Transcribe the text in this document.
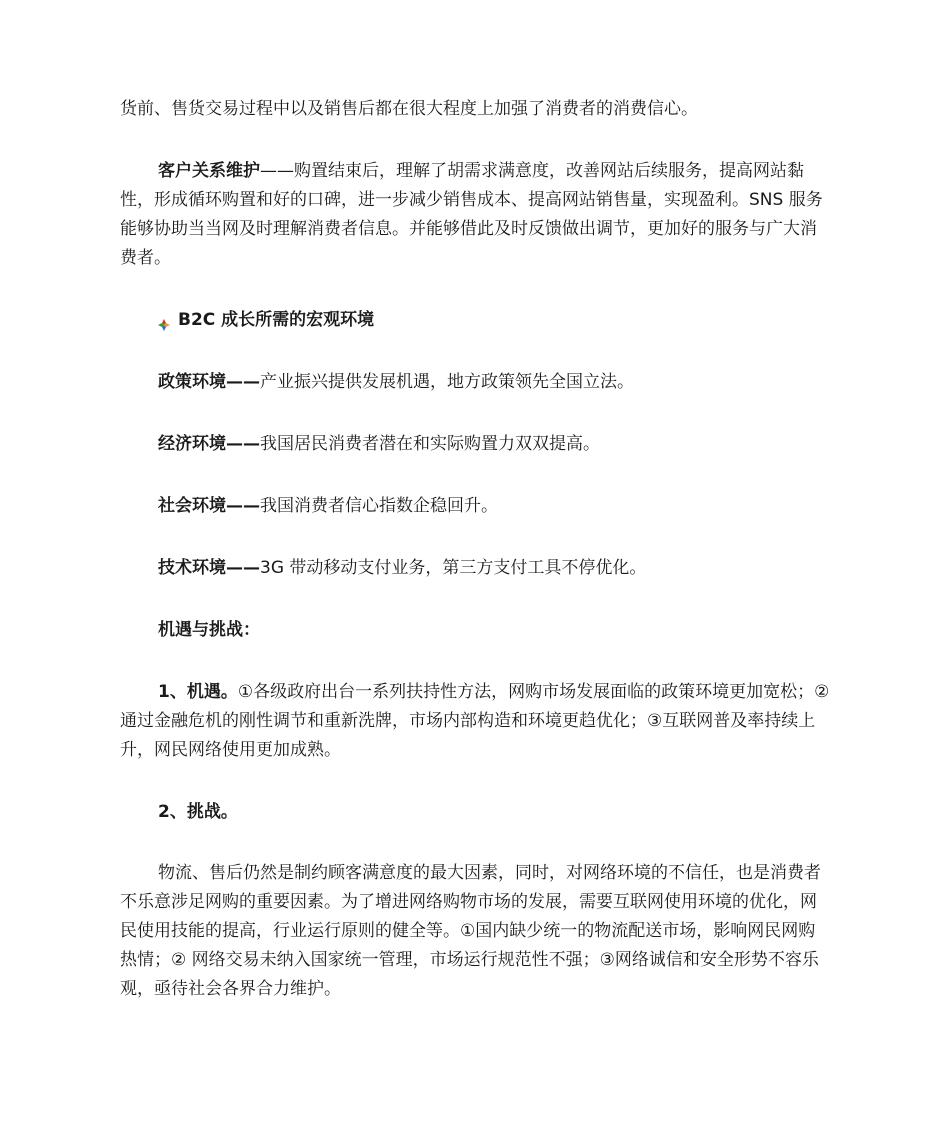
货前、售货交易过程中以及销售后都在很大程度上加强了消费者的消费信心。

客户关系维护——购置结束后，理解了胡需求满意度，改善网站后续服务，提高网站黏性，形成循环购置和好的口碑，进一步减少销售成本、提高网站销售量，实现盈利。SNS 服务能够协助当当网及时理解消费者信息。并能够借此及时反馈做出调节，更加好的服务与广大消费者。

B2C 成长所需的宏观环境

政策环境——产业振兴提供发展机遇，地方政策领先全国立法。

经济环境——我国居民消费者潜在和实际购置力双双提高。

社会环境——我国消费者信心指数企稳回升。

技术环境——3G 带动移动支付业务，第三方支付工具不停优化。

机遇与挑战：

1、机遇。①各级政府出台一系列扶持性方法，网购市场发展面临的政策环境更加宽松；②通过金融危机的刚性调节和重新洗牌，市场内部构造和环境更趋优化；③互联网普及率持续上升，网民网络使用更加成熟。

2、挑战。

物流、售后仍然是制约顾客满意度的最大因素，同时，对网络环境的不信任，也是消费者不乐意涉足网购的重要因素。为了增进网络购物市场的发展，需要互联网使用环境的优化，网民使用技能的提高，行业运行原则的健全等。①国内缺少统一的物流配送市场，影响网民网购热情；② 网络交易未纳入国家统一管理，市场运行规范性不强；③网络诚信和安全形势不容乐观，亟待社会各界合力维护。
